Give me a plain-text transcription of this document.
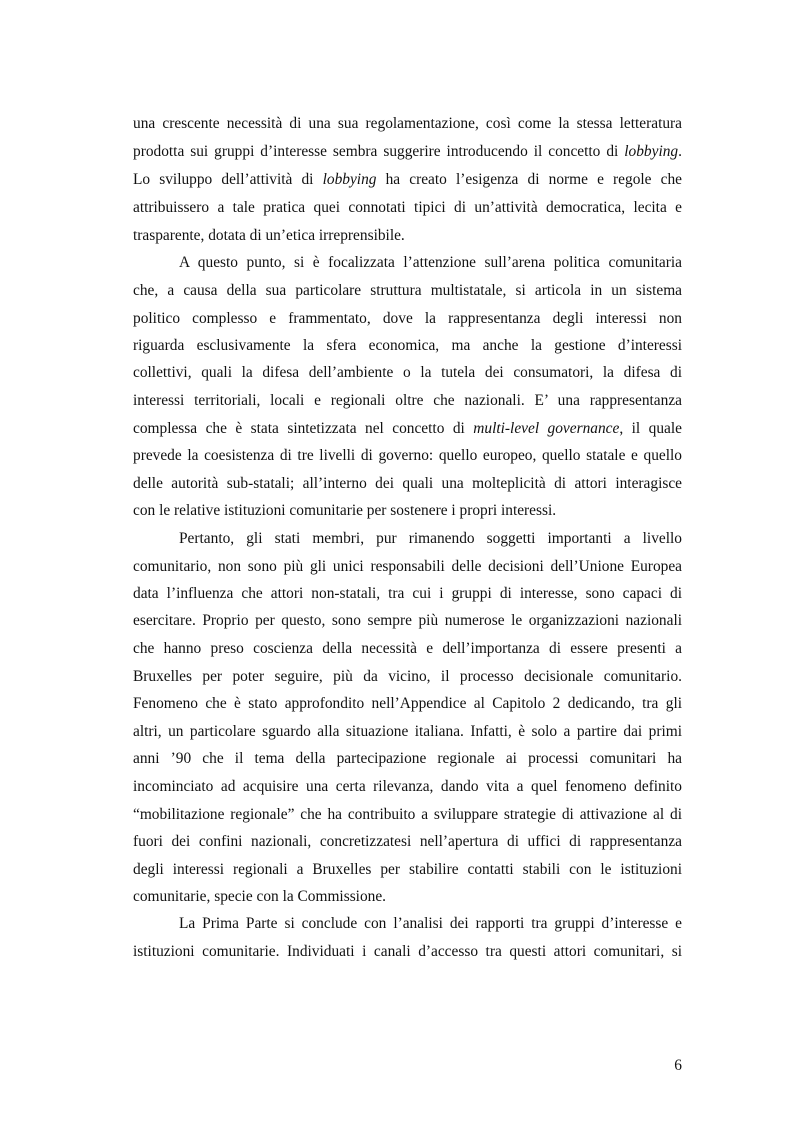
una crescente necessità di una sua regolamentazione, così come la stessa letteratura
prodotta sui gruppi d’interesse sembra suggerire introducendo il concetto di lobbying.
Lo sviluppo dell’attività di lobbying ha creato l’esigenza di norme e regole che
attribuissero a tale pratica quei connotati tipici di un’attività democratica, lecita e
trasparente, dotata di un’etica irreprensibile.
A questo punto, si è focalizzata l’attenzione sull’arena politica comunitaria
che, a causa della sua particolare struttura multistatale, si articola in un sistema
politico complesso e frammentato, dove la rappresentanza degli interessi non
riguarda esclusivamente la sfera economica, ma anche la gestione d’interessi
collettivi, quali la difesa dell’ambiente o la tutela dei consumatori, la difesa di
interessi territoriali, locali e regionali oltre che nazionali. E’ una rappresentanza
complessa che è stata sintetizzata nel concetto di multi-level governance, il quale
prevede la coesistenza di tre livelli di governo: quello europeo, quello statale e quello
delle autorità sub-statali; all’interno dei quali una molteplicità di attori interagisce
con le relative istituzioni comunitarie per sostenere i propri interessi.
Pertanto, gli stati membri, pur rimanendo soggetti importanti a livello
comunitario, non sono più gli unici responsabili delle decisioni dell’Unione Europea
data l’influenza che attori non-statali, tra cui i gruppi di interesse, sono capaci di
esercitare. Proprio per questo, sono sempre più numerose le organizzazioni nazionali
che hanno preso coscienza della necessità e dell’importanza di essere presenti a
Bruxelles per poter seguire, più da vicino, il processo decisionale comunitario.
Fenomeno che è stato approfondito nell’Appendice al Capitolo 2 dedicando, tra gli
altri, un particolare sguardo alla situazione italiana. Infatti, è solo a partire dai primi
anni ’90 che il tema della partecipazione regionale ai processi comunitari ha
incominciato ad acquisire una certa rilevanza, dando vita a quel fenomeno definito
“mobilitazione regionale” che ha contribuito a sviluppare strategie di attivazione al di
fuori dei confini nazionali, concretizzatesi nell’apertura di uffici di rappresentanza
degli interessi regionali a Bruxelles per stabilire contatti stabili con le istituzioni
comunitarie, specie con la Commissione.
La Prima Parte si conclude con l’analisi dei rapporti tra gruppi d’interesse e
istituzioni comunitarie. Individuati i canali d’accesso tra questi attori comunitari, si
6
